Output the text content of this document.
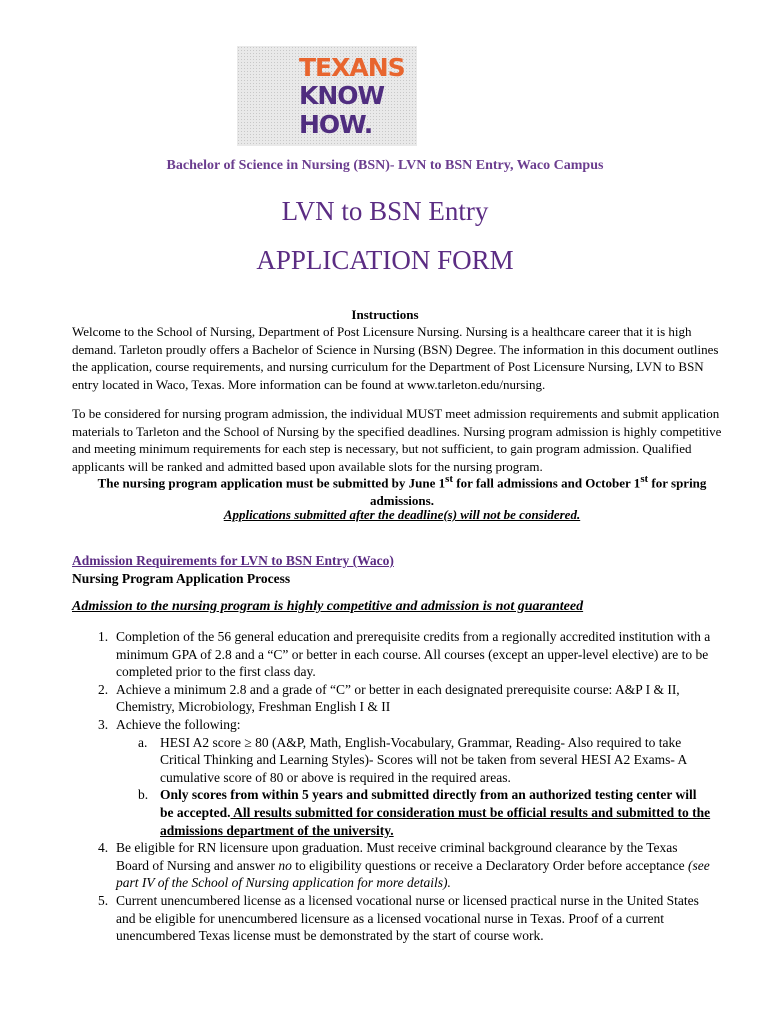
TEXANS
KNOW
HOW.
Bachelor of Science in Nursing (BSN)- LVN to BSN Entry, Waco Campus
LVN to BSN Entry
APPLICATION FORM
Instructions
Welcome to the School of Nursing, Department of Post Licensure Nursing. Nursing is a healthcare career that it is high demand. Tarleton proudly offers a Bachelor of Science in Nursing (BSN) Degree. The information in this document outlines the application, course requirements, and nursing curriculum for the Department of Post Licensure Nursing, LVN to BSN entry located in Waco, Texas. More information can be found at www.tarleton.edu/nursing.
To be considered for nursing program admission, the individual MUST meet admission requirements and submit application materials to Tarleton and the School of Nursing by the specified deadlines. Nursing program admission is highly competitive and meeting minimum requirements for each step is necessary, but not sufficient, to gain program admission. Qualified applicants will be ranked and admitted based upon available slots for the nursing program.
The nursing program application must be submitted by June 1st for fall admissions and October 1st for spring admissions.
Applications submitted after the deadline(s) will not be considered.
Admission Requirements for LVN to BSN Entry (Waco)
Nursing Program Application Process
Admission to the nursing program is highly competitive and admission is not guaranteed
1. Completion of the 56 general education and prerequisite credits from a regionally accredited institution with a minimum GPA of 2.8 and a “C” or better in each course. All courses (except an upper-level elective) are to be completed prior to the first class day.
2. Achieve a minimum 2.8 and a grade of “C” or better in each designated prerequisite course: A&P I & II, Chemistry, Microbiology, Freshman English I & II
3. Achieve the following:
a. HESI A2 score ≥ 80 (A&P, Math, English-Vocabulary, Grammar, Reading- Also required to take Critical Thinking and Learning Styles)- Scores will not be taken from several HESI A2 Exams- A cumulative score of 80 or above is required in the required areas.
b. Only scores from within 5 years and submitted directly from an authorized testing center will be accepted. All results submitted for consideration must be official results and submitted to the admissions department of the university.
4. Be eligible for RN licensure upon graduation. Must receive criminal background clearance by the Texas Board of Nursing and answer no to eligibility questions or receive a Declaratory Order before acceptance (see part IV of the School of Nursing application for more details).
5. Current unencumbered license as a licensed vocational nurse or licensed practical nurse in the United States and be eligible for unencumbered licensure as a licensed vocational nurse in Texas. Proof of a current unencumbered Texas license must be demonstrated by the start of course work.
